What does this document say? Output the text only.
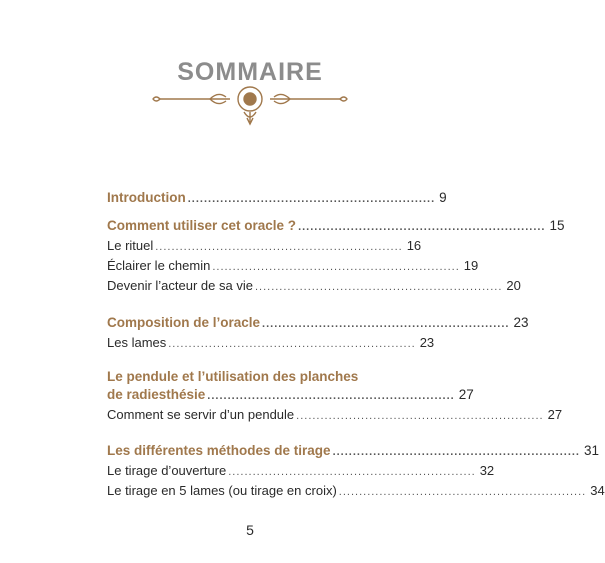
SOMMAIRE
Introduction ............................................................. 9
Comment utiliser cet oracle ? ............................................................. 15
Le rituel ............................................................. 16
Éclairer le chemin ............................................................. 19
Devenir l’acteur de sa vie ............................................................. 20
Composition de l’oracle ............................................................. 23
Les lames ............................................................. 23
Le pendule et l’utilisation des planches
de radiesthésie ............................................................. 27
Comment se servir d’un pendule ............................................................. 27
Les différentes méthodes de tirage ............................................................. 31
Le tirage d’ouverture ............................................................. 32
Le tirage en 5 lames (ou tirage en croix) ............................................................. 34
5
